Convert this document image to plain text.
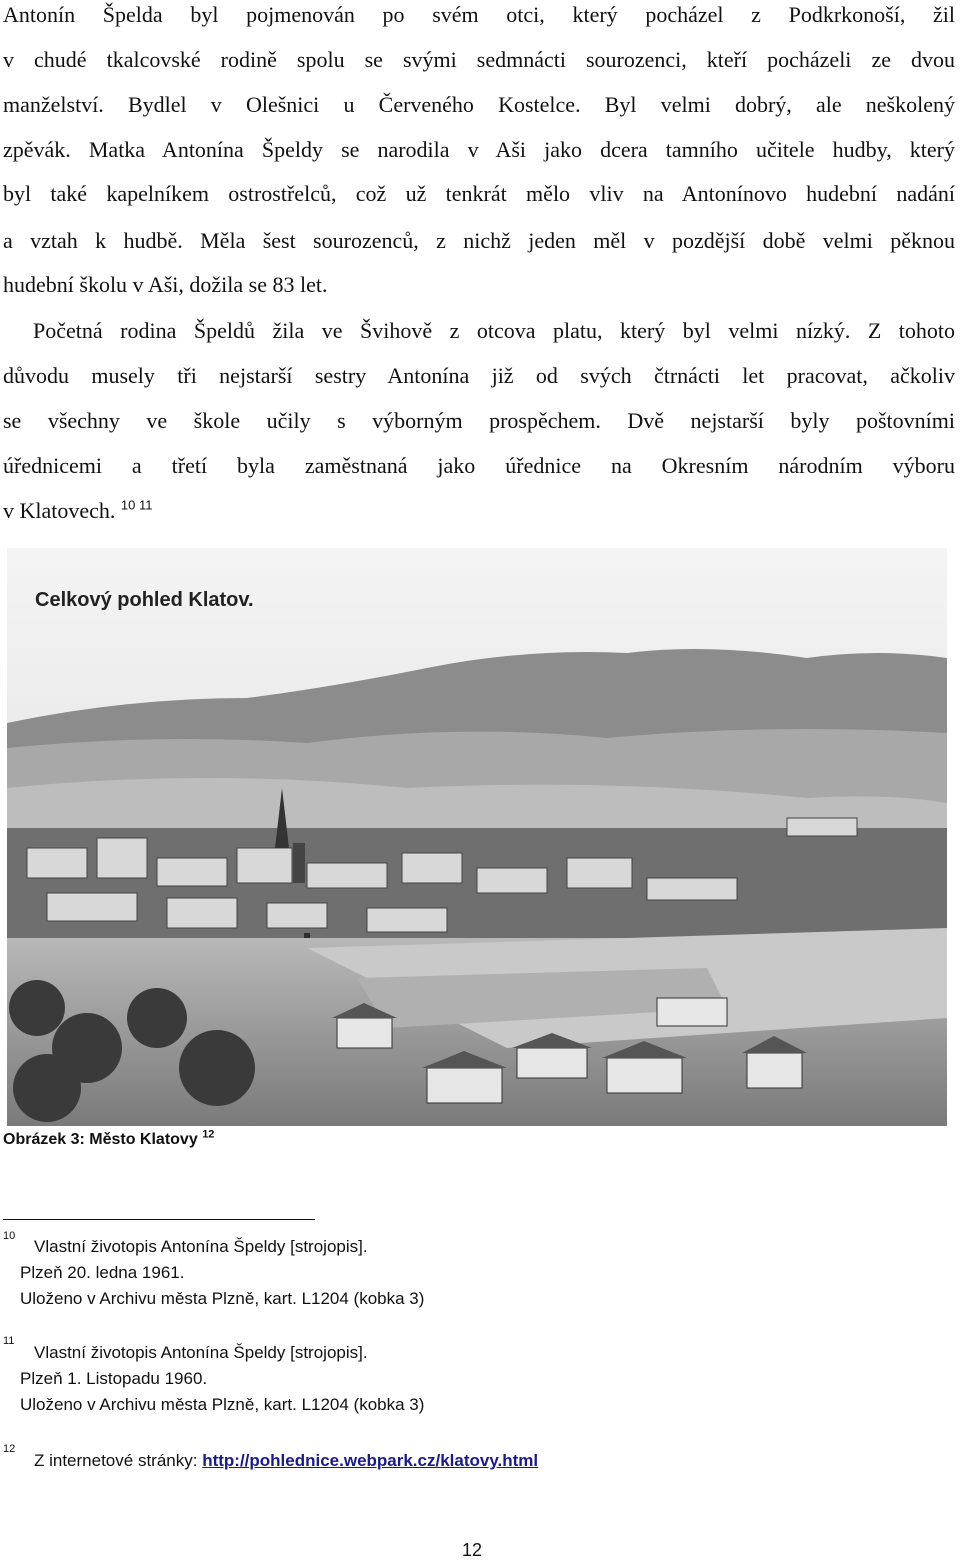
Antonín Špelda byl pojmenován po svém otci, který pocházel z Podkrkonoší, žil
v chudé tkalcovské rodině spolu se svými sedmnácti sourozenci, kteří pocházeli ze dvou
manželství. Bydlel v Olešnici u Červeného Kostelce. Byl velmi dobrý, ale neškolený
zpěvák. Matka Antonína Špeldy se narodila v Aši jako dcera tamního učitele hudby, který
byl také kapelníkem ostrostřelců, což už tenkrát mělo vliv na Antonínovo hudební nadání
a vztah k hudbě. Měla šest sourozenců, z nichž jeden měl v pozdější době velmi pěknou
hudební školu v Aši, dožila se 83 let.
Početná rodina Špeldů žila ve Švihově z otcova platu, který byl velmi nízký. Z tohoto
důvodu musely tři nejstarší sestry Antonína již od svých čtrnácti let pracovat, ačkoliv
se všechny ve škole učily s výborným prospěchem. Dvě nejstarší byly poštovními
úřednicemi a třetí byla zaměstnaná jako úřednice na Okresním národním výboru
v Klatovech. $^{10 11}$
Celkový pohled Klatov.
Obrázek 3: Město Klatovy $^{12}$
10
Vlastní životopis Antonína Špeldy [strojopis].
Plzeň 20. ledna 1961.
Uloženo v Archivu města Plzně, kart. L1204 (kobka 3)
11
Vlastní životopis Antonína Špeldy [strojopis].
Plzeň 1. Listopadu 1960.
Uloženo v Archivu města Plzně, kart. L1204 (kobka 3)
12
Z internetové stránky: http://pohlednice.webpark.cz/klatovy.html
12
